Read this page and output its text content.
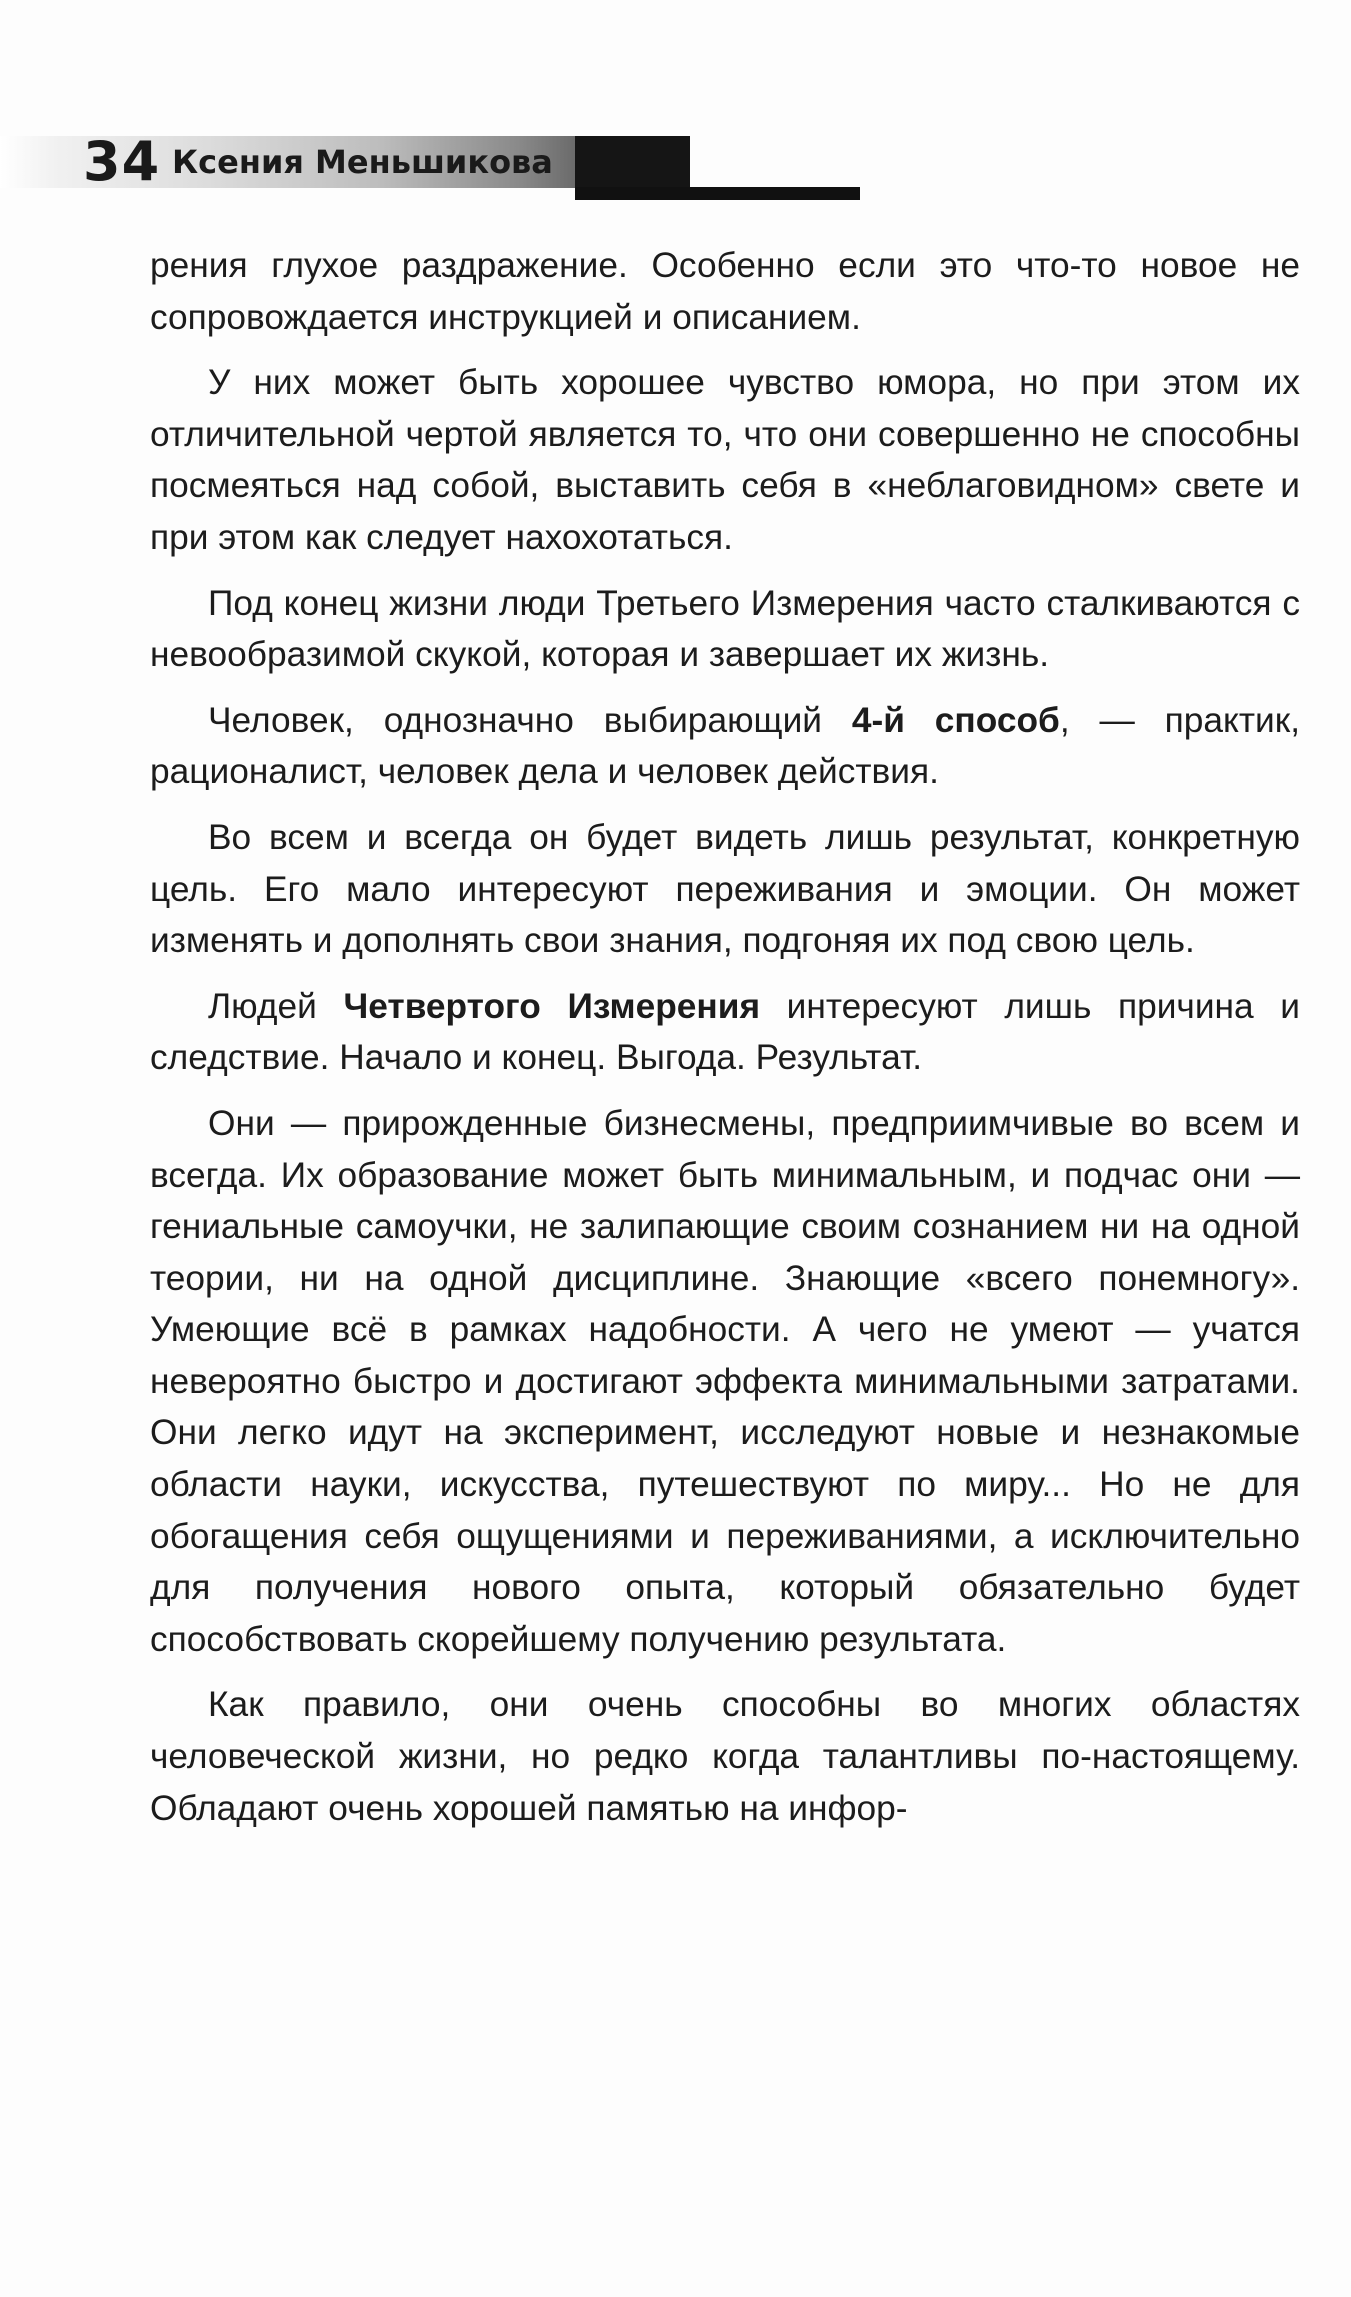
34 Ксения Меньшикова

рения глухое раздражение. Особенно если это что-то новое не сопровождается инструкцией и описанием.

У них может быть хорошее чувство юмора, но при этом их отличительной чертой является то, что они совершенно не способны посмеяться над собой, выставить себя в «неблаговидном» свете и при этом как следует нахохотаться.

Под конец жизни люди Третьего Измерения часто сталкиваются с невообразимой скукой, которая и завершает их жизнь.

Человек, однозначно выбирающий 4-й способ, — практик, рационалист, человек дела и человек действия.

Во всем и всегда он будет видеть лишь результат, конкретную цель. Его мало интересуют переживания и эмоции. Он может изменять и дополнять свои знания, подгоняя их под свою цель.

Людей Четвертого Измерения интересуют лишь причина и следствие. Начало и конец. Выгода. Результат.

Они — прирожденные бизнесмены, предприимчивые во всем и всегда. Их образование может быть минимальным, и подчас они — гениальные самоучки, не залипающие своим сознанием ни на одной теории, ни на одной дисциплине. Знающие «всего понемногу». Умеющие всё в рамках надобности. А чего не умеют — учатся невероятно быстро и достигают эффекта минимальными затратами. Они легко идут на эксперимент, исследуют новые и незнакомые области науки, искусства, путешествуют по миру... Но не для обогащения себя ощущениями и переживаниями, а исключительно для получения нового опыта, который обязательно будет способствовать скорейшему получению результата.

Как правило, они очень способны во многих областях человеческой жизни, но редко когда талантливы по-настоящему. Обладают очень хорошей памятью на инфор-
